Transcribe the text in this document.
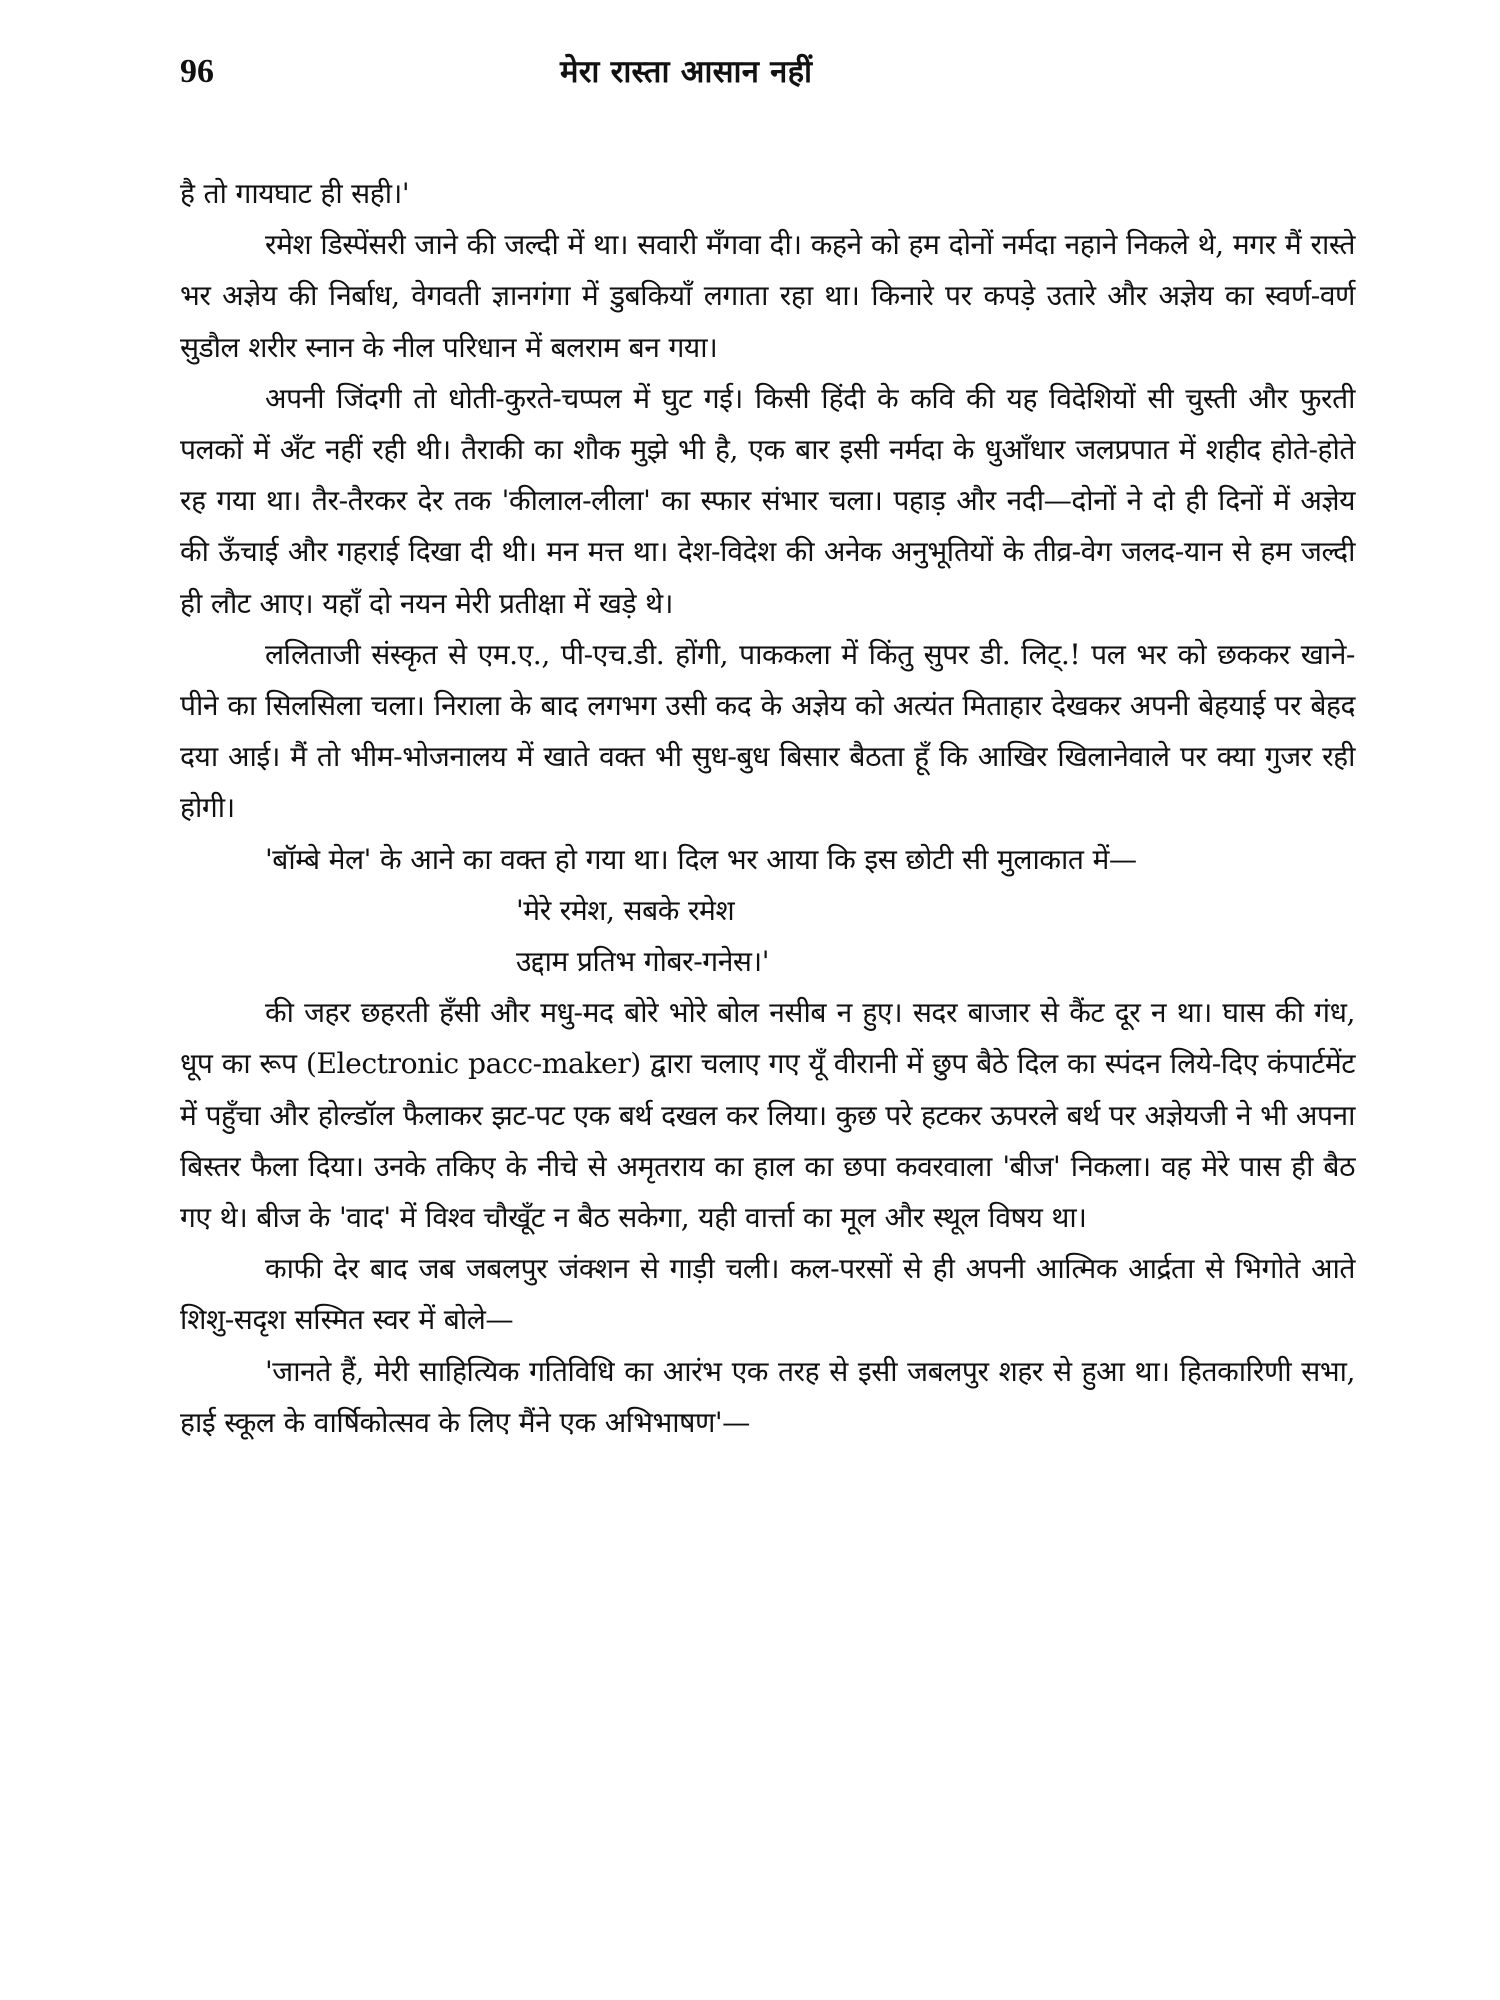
96	मेरा रास्ता आसान नहीं

है तो गायघाट ही सही।'

रमेश डिस्पेंसरी जाने की जल्दी में था। सवारी मँगवा दी। कहने को हम दोनों नर्मदा नहाने निकले थे, मगर मैं रास्ते भर अज्ञेय की निर्बाध, वेगवती ज्ञानगंगा में डुबकियाँ लगाता रहा था। किनारे पर कपड़े उतारे और अज्ञेय का स्वर्ण-वर्ण सुडौल शरीर स्नान के नील परिधान में बलराम बन गया।

अपनी जिंदगी तो धोती-कुरते-चप्पल में घुट गई। किसी हिंदी के कवि की यह विदेशियों सी चुस्ती और फुरती पलकों में अँट नहीं रही थी। तैराकी का शौक मुझे भी है, एक बार इसी नर्मदा के धुआँधार जलप्रपात में शहीद होते-होते रह गया था। तैर-तैरकर देर तक 'कीलाल-लीला' का स्फार संभार चला। पहाड़ और नदी—दोनों ने दो ही दिनों में अज्ञेय की ऊँचाई और गहराई दिखा दी थी। मन मत्त था। देश-विदेश की अनेक अनुभूतियों के तीव्र-वेग जलद-यान से हम जल्दी ही लौट आए। यहाँ दो नयन मेरी प्रतीक्षा में खड़े थे।

ललिताजी संस्कृत से एम.ए., पी-एच.डी. होंगी, पाककला में किंतु सुपर डी. लिट्.! पल भर को छककर खाने-पीने का सिलसिला चला। निराला के बाद लगभग उसी कद के अज्ञेय को अत्यंत मिताहार देखकर अपनी बेहयाई पर बेहद दया आई। मैं तो भीम-भोजनालय में खाते वक्त भी सुध-बुध बिसार बैठता हूँ कि आखिर खिलानेवाले पर क्या गुजर रही होगी।

'बॉम्बे मेल' के आने का वक्त हो गया था। दिल भर आया कि इस छोटी सी मुलाकात में—

'मेरे रमेश, सबके रमेश

उद्दाम प्रतिभ गोबर-गनेस।'

की जहर छहरती हँसी और मधु-मद बोरे भोरे बोल नसीब न हुए। सदर बाजार से कैंट दूर न था। घास की गंध, धूप का रूप (Electronic pacc-maker) द्वारा चलाए गए यूँ वीरानी में छुप बैठे दिल का स्पंदन लिये-दिए कंपार्टमेंट में पहुँचा और होल्डॉल फैलाकर झट-पट एक बर्थ दखल कर लिया। कुछ परे हटकर ऊपरले बर्थ पर अज्ञेयजी ने भी अपना बिस्तर फैला दिया। उनके तकिए के नीचे से अमृतराय का हाल का छपा कवरवाला 'बीज' निकला। वह मेरे पास ही बैठ गए थे। बीज के 'वाद' में विश्व चौखूँट न बैठ सकेगा, यही वार्त्ता का मूल और स्थूल विषय था।

काफी देर बाद जब जबलपुर जंक्शन से गाड़ी चली। कल-परसों से ही अपनी आत्मिक आर्द्रता से भिगोते आते शिशु-सदृश सस्मित स्वर में बोले—

'जानते हैं, मेरी साहित्यिक गतिविधि का आरंभ एक तरह से इसी जबलपुर शहर से हुआ था। हितकारिणी सभा, हाई स्कूल के वार्षिकोत्सव के लिए मैंने एक अभिभाषण'—
